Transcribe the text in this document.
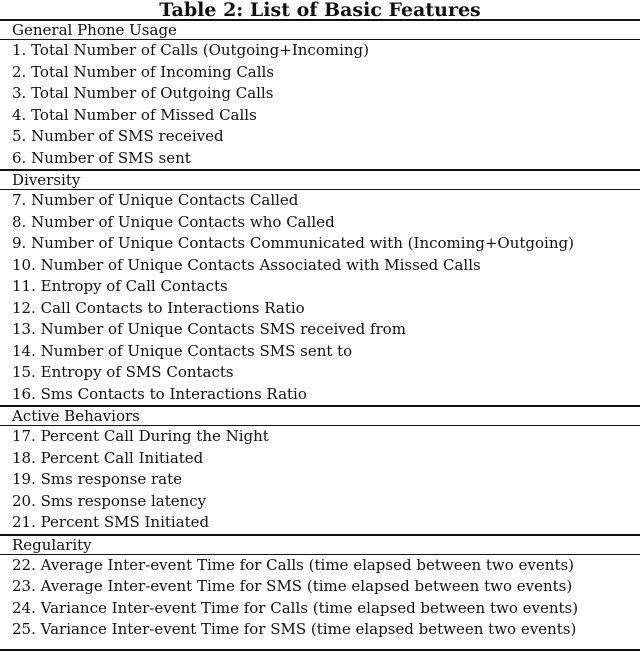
Table 2: List of Basic Features
General Phone Usage
1. Total Number of Calls (Outgoing+Incoming)
2. Total Number of Incoming Calls
3. Total Number of Outgoing Calls
4. Total Number of Missed Calls
5. Number of SMS received
6. Number of SMS sent
Diversity
7. Number of Unique Contacts Called
8. Number of Unique Contacts who Called
9. Number of Unique Contacts Communicated with (Incoming+Outgoing)
10. Number of Unique Contacts Associated with Missed Calls
11. Entropy of Call Contacts
12. Call Contacts to Interactions Ratio
13. Number of Unique Contacts SMS received from
14. Number of Unique Contacts SMS sent to
15. Entropy of SMS Contacts
16. Sms Contacts to Interactions Ratio
Active Behaviors
17. Percent Call During the Night
18. Percent Call Initiated
19. Sms response rate
20. Sms response latency
21. Percent SMS Initiated
Regularity
22. Average Inter-event Time for Calls (time elapsed between two events)
23. Average Inter-event Time for SMS (time elapsed between two events)
24. Variance Inter-event Time for Calls (time elapsed between two events)
25. Variance Inter-event Time for SMS (time elapsed between two events)
